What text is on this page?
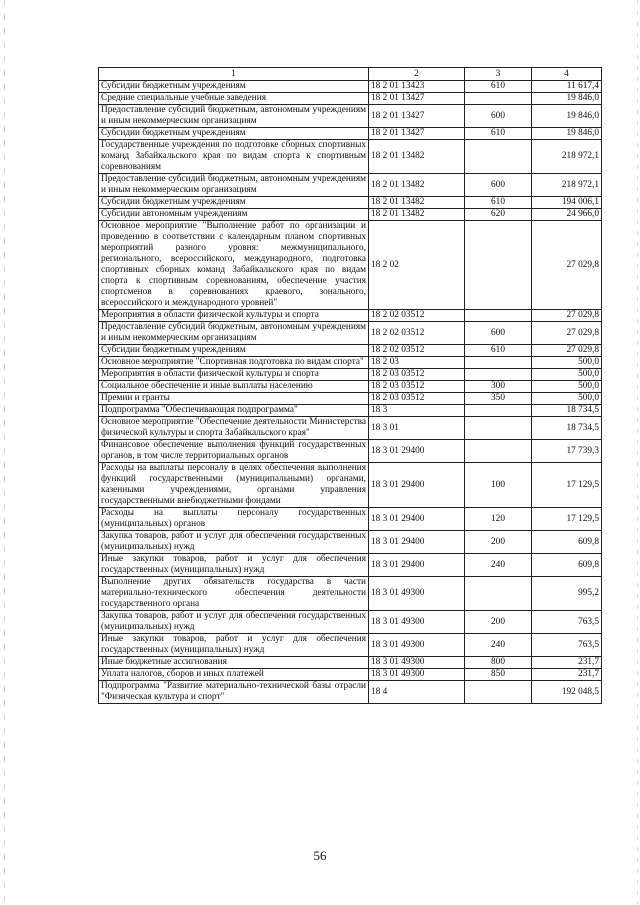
1	2	3	4
Субсидии бюджетным учреждениям	18 2 01 13423	610	11 617,4
Средние специальные учебные заведения	18 2 01 13427		19 846,0
Предоставление субсидий бюджетным, автономным учреждениям и иным некоммерческим организациям	18 2 01 13427	600	19 846,0
Субсидии бюджетным учреждениям	18 2 01 13427	610	19 846,0
Государственные учреждения по подготовке сборных спортивных команд Забайкальского края по видам спорта к спортивным соревнованиям	18 2 01 13482		218 972,1
Предоставление субсидий бюджетным, автономным учреждениям и иным некоммерческим организациям	18 2 01 13482	600	218 972,1
Субсидии бюджетным учреждениям	18 2 01 13482	610	194 006,1
Субсидии автономным учреждениям	18 2 01 13482	620	24 966,0
Основное мероприятие "Выполнение работ по организации и проведению в соответствии с календарным планом спортивных мероприятий разного уровня: межмуниципального, регионального, всероссийского, международного, подготовка спортивных сборных команд Забайкальского края по видам спорта к спортивным соревнованиям, обеспечение участия спортсменов в соревнованиях краевого, зонального, всероссийского и международного уровней"	18 2 02		27 029,8
Мероприятия в области физической культуры и спорта	18 2 02 03512		27 029,8
Предоставление субсидий бюджетным, автономным учреждениям и иным некоммерческим организациям	18 2 02 03512	600	27 029,8
Субсидии бюджетным учреждениям	18 2 02 03512	610	27 029,8
Основное мероприятие "Спортивная подготовка по видам спорта"	18 2 03		500,0
Мероприятия в области физической культуры и спорта	18 2 03 03512		500,0
Социальное обеспечение и иные выплаты населению	18 2 03 03512	300	500,0
Премии и гранты	18 2 03 03512	350	500,0
Подпрограмма "Обеспечивающая подпрограмма"	18 3		18 734,5
Основное мероприятие "Обеспечение деятельности Министерства физической культуры и спорта Забайкальского края"	18 3 01		18 734,5
Финансовое обеспечение выполнения функций государственных органов, в том числе территориальных органов	18 3 01 29400		17 739,3
Расходы на выплаты персоналу в целях обеспечения выполнения функций государственными (муниципальными) органами, казенными учреждениями, органами управления государственными внебюджетными фондами	18 3 01 29400	100	17 129,5
Расходы на выплаты персоналу государственных (муниципальных) органов	18 3 01 29400	120	17 129,5
Закупка товаров, работ и услуг для обеспечения государственных (муниципальных) нужд	18 3 01 29400	200	609,8
Иные закупки товаров, работ и услуг для обеспечения государственных (муниципальных) нужд	18 3 01 29400	240	609,8
Выполнение других обязательств государства в части материально-технического обеспечения деятельности государственного органа	18 3 01 49300		995,2
Закупка товаров, работ и услуг для обеспечения государственных (муниципальных) нужд	18 3 01 49300	200	763,5
Иные закупки товаров, работ и услуг для обеспечения государственных (муниципальных) нужд	18 3 01 49300	240	763,5
Иные бюджетные ассигнования	18 3 01 49300	800	231,7
Уплата налогов, сборов и иных платежей	18 3 01 49300	850	231,7
Подпрограмма "Развитие материально-технической базы отрасли "Физическая культура и спорт"	18 4		192 048,5
56
